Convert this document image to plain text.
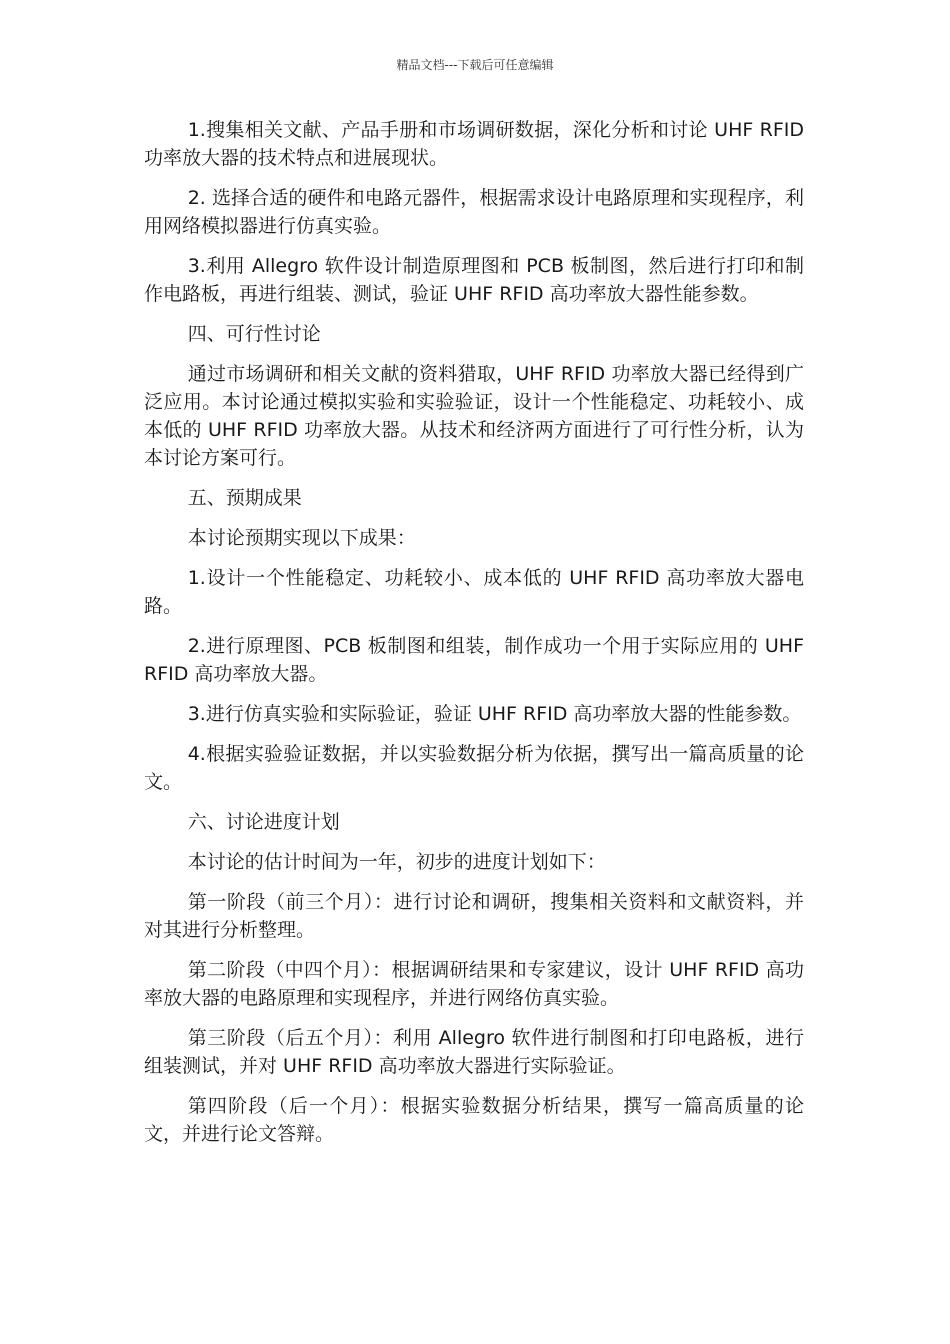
精品文档---下载后可任意编辑

1.搜集相关文献、产品手册和市场调研数据，深化分析和讨论 UHF RFID 功率放大器的技术特点和进展现状。

2. 选择合适的硬件和电路元器件，根据需求设计电路原理和实现程序，利用网络模拟器进行仿真实验。

3.利用 Allegro 软件设计制造原理图和 PCB 板制图，然后进行打印和制作电路板，再进行组装、测试，验证 UHF RFID 高功率放大器性能参数。

四、可行性讨论

通过市场调研和相关文献的资料猎取，UHF RFID 功率放大器已经得到广泛应用。本讨论通过模拟实验和实验验证，设计一个性能稳定、功耗较小、成本低的 UHF RFID 功率放大器。从技术和经济两方面进行了可行性分析，认为本讨论方案可行。

五、预期成果

本讨论预期实现以下成果：

1.设计一个性能稳定、功耗较小、成本低的 UHF RFID 高功率放大器电路。

2.进行原理图、PCB 板制图和组装，制作成功一个用于实际应用的 UHF RFID 高功率放大器。

3.进行仿真实验和实际验证，验证 UHF RFID 高功率放大器的性能参数。

4.根据实验验证数据，并以实验数据分析为依据，撰写出一篇高质量的论文。

六、讨论进度计划

本讨论的估计时间为一年，初步的进度计划如下：

第一阶段（前三个月）：进行讨论和调研，搜集相关资料和文献资料，并对其进行分析整理。

第二阶段（中四个月）：根据调研结果和专家建议，设计 UHF RFID 高功率放大器的电路原理和实现程序，并进行网络仿真实验。

第三阶段（后五个月）：利用 Allegro 软件进行制图和打印电路板，进行组装测试，并对 UHF RFID 高功率放大器进行实际验证。

第四阶段（后一个月）：根据实验数据分析结果，撰写一篇高质量的论文，并进行论文答辩。
